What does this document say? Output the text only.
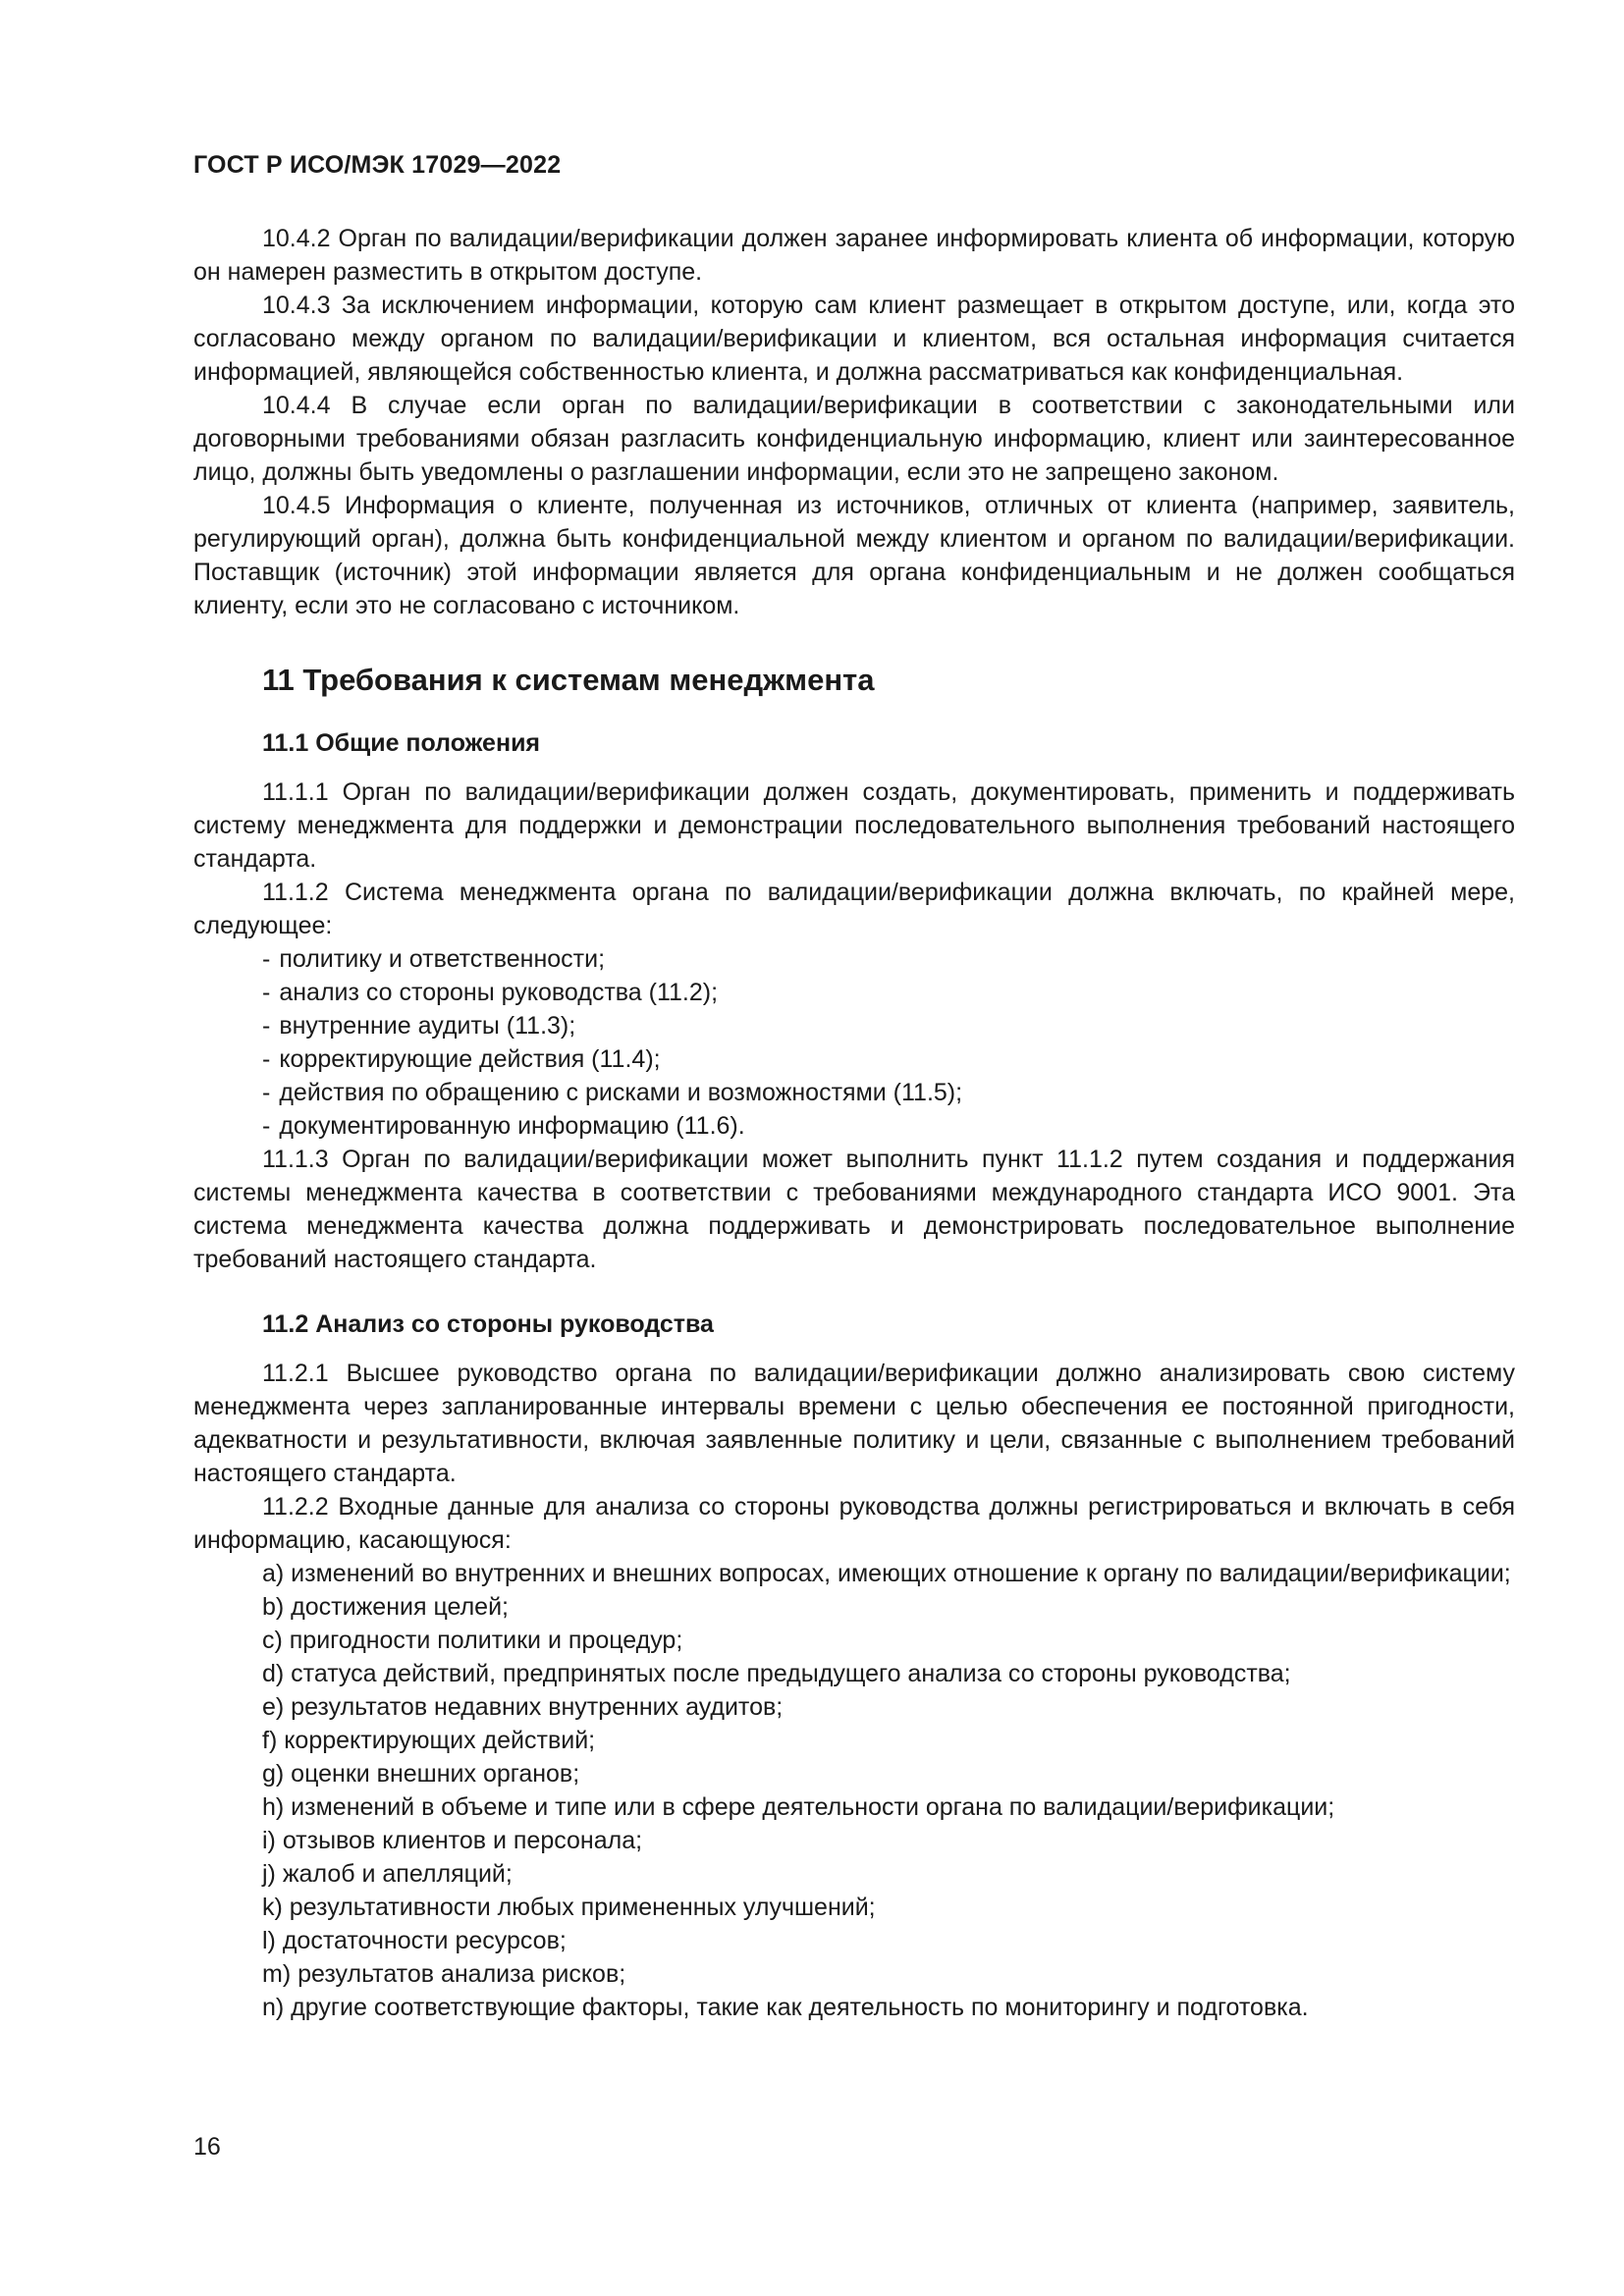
ГОСТ Р ИСО/МЭК 17029—2022

10.4.2 Орган по валидации/верификации должен заранее информировать клиента об информации, которую он намерен разместить в открытом доступе.

10.4.3 За исключением информации, которую сам клиент размещает в открытом доступе, или, когда это согласовано между органом по валидации/верификации и клиентом, вся остальная информация считается информацией, являющейся собственностью клиента, и должна рассматриваться как конфиденциальная.

10.4.4 В случае если орган по валидации/верификации в соответствии с законодательными или договорными требованиями обязан разгласить конфиденциальную информацию, клиент или заинтересованное лицо, должны быть уведомлены о разглашении информации, если это не запрещено законом.

10.4.5 Информация о клиенте, полученная из источников, отличных от клиента (например, заявитель, регулирующий орган), должна быть конфиденциальной между клиентом и органом по валидации/верификации. Поставщик (источник) этой информации является для органа конфиденциальным и не должен сообщаться клиенту, если это не согласовано с источником.

11 Требования к системам менеджмента
11.1 Общие положения

11.1.1 Орган по валидации/верификации должен создать, документировать, применить и поддерживать систему менеджмента для поддержки и демонстрации последовательного выполнения требований настоящего стандарта.

11.1.2 Система менеджмента органа по валидации/верификации должна включать, по крайней мере, следующее:

- политику и ответственности;
- анализ со стороны руководства (11.2);
- внутренние аудиты (11.3);
- корректирующие действия (11.4);
- действия по обращению с рисками и возможностями (11.5);
- документированную информацию (11.6).

11.1.3 Орган по валидации/верификации может выполнить пункт 11.1.2 путем создания и поддержания системы менеджмента качества в соответствии с требованиями международного стандарта ИСО 9001. Эта система менеджмента качества должна поддерживать и демонстрировать последовательное выполнение требований настоящего стандарта.

11.2 Анализ со стороны руководства

11.2.1 Высшее руководство органа по валидации/верификации должно анализировать свою систему менеджмента через запланированные интервалы времени с целью обеспечения ее постоянной пригодности, адекватности и результативности, включая заявленные политику и цели, связанные с выполнением требований настоящего стандарта.

11.2.2 Входные данные для анализа со стороны руководства должны регистрироваться и включать в себя информацию, касающуюся:

a) изменений во внутренних и внешних вопросах, имеющих отношение к органу по валидации/верификации;
b) достижения целей;
c) пригодности политики и процедур;
d) статуса действий, предпринятых после предыдущего анализа со стороны руководства;
e) результатов недавних внутренних аудитов;
f) корректирующих действий;
g) оценки внешних органов;
h) изменений в объеме и типе или в сфере деятельности органа по валидации/верификации;
i) отзывов клиентов и персонала;
j) жалоб и апелляций;
k) результативности любых примененных улучшений;
l) достаточности ресурсов;
m) результатов анализа рисков;
n) другие соответствующие факторы, такие как деятельность по мониторингу и подготовка.
16
